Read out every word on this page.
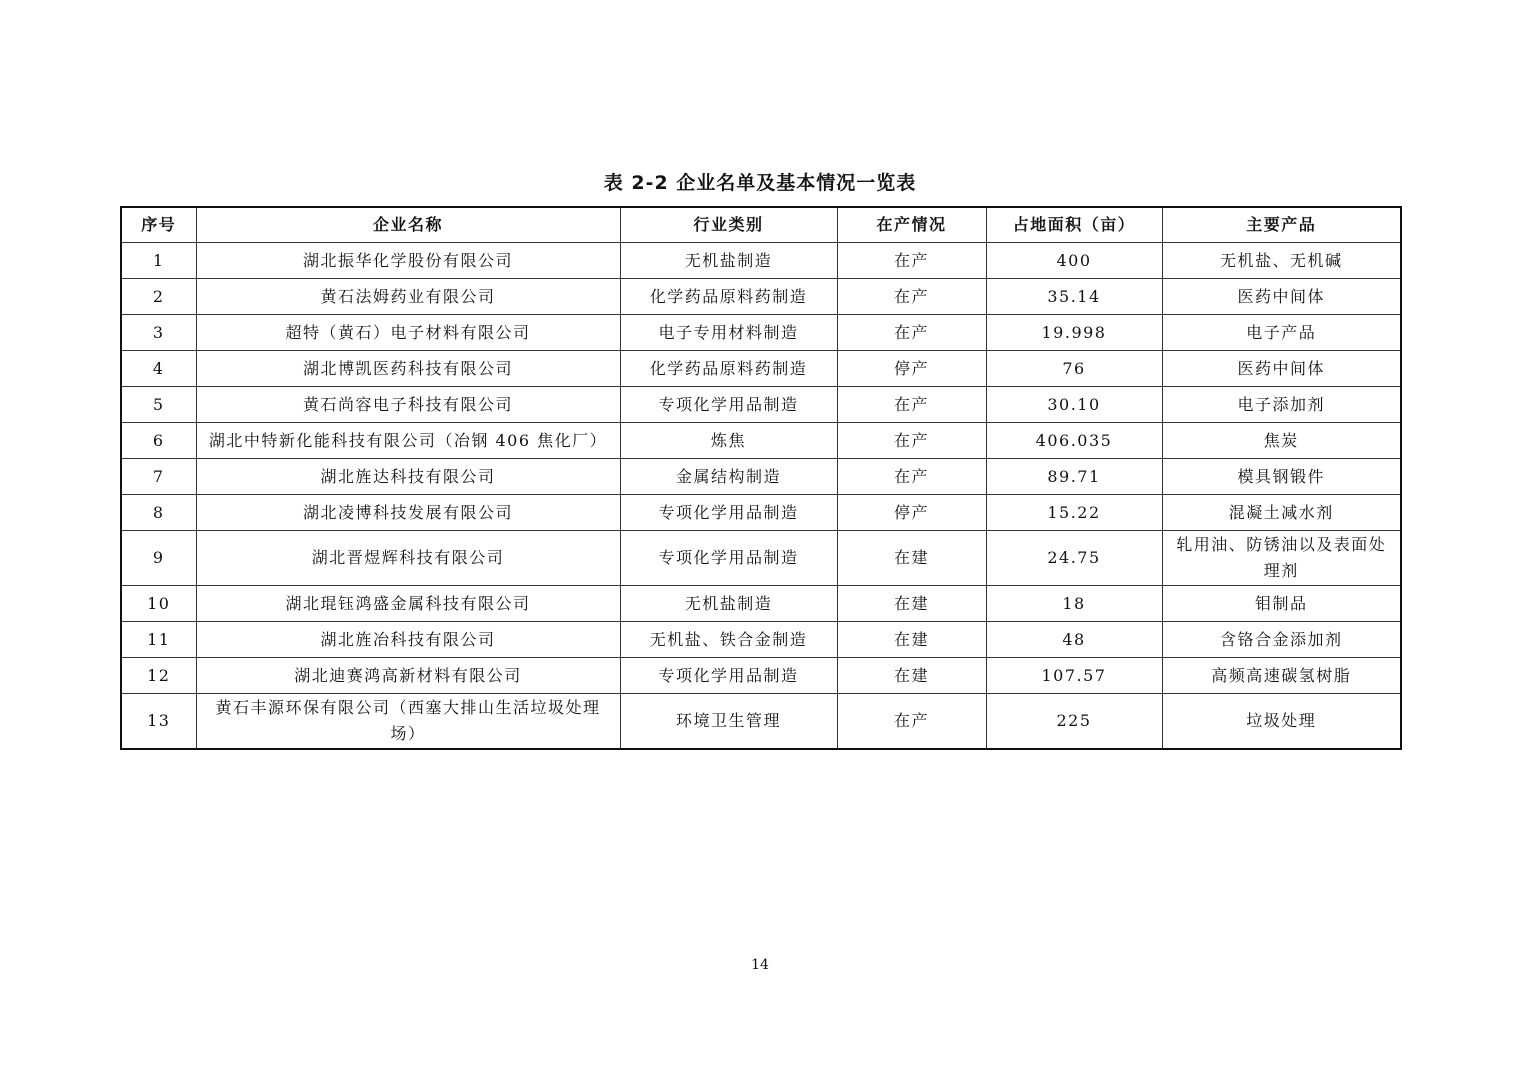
表 2-2 企业名单及基本情况一览表
序号	企业名称	行业类别	在产情况	占地面积（亩）	主要产品
1	湖北振华化学股份有限公司	无机盐制造	在产	400	无机盐、无机碱
2	黄石法姆药业有限公司	化学药品原料药制造	在产	35.14	医药中间体
3	超特（黄石）电子材料有限公司	电子专用材料制造	在产	19.998	电子产品
4	湖北博凯医药科技有限公司	化学药品原料药制造	停产	76	医药中间体
5	黄石尚容电子科技有限公司	专项化学用品制造	在产	30.10	电子添加剂
6	湖北中特新化能科技有限公司（冶钢 406 焦化厂）	炼焦	在产	406.035	焦炭
7	湖北旌达科技有限公司	金属结构制造	在产	89.71	模具钢锻件
8	湖北凌博科技发展有限公司	专项化学用品制造	停产	15.22	混凝土减水剂
9	湖北晋煜辉科技有限公司	专项化学用品制造	在建	24.75	轧用油、防锈油以及表面处理剂
10	湖北琨钰鸿盛金属科技有限公司	无机盐制造	在建	18	钼制品
11	湖北旌冶科技有限公司	无机盐、铁合金制造	在建	48	含铬合金添加剂
12	湖北迪赛鸿高新材料有限公司	专项化学用品制造	在建	107.57	高频高速碳氢树脂
13	黄石丰源环保有限公司（西塞大排山生活垃圾处理场）	环境卫生管理	在产	225	垃圾处理
14
